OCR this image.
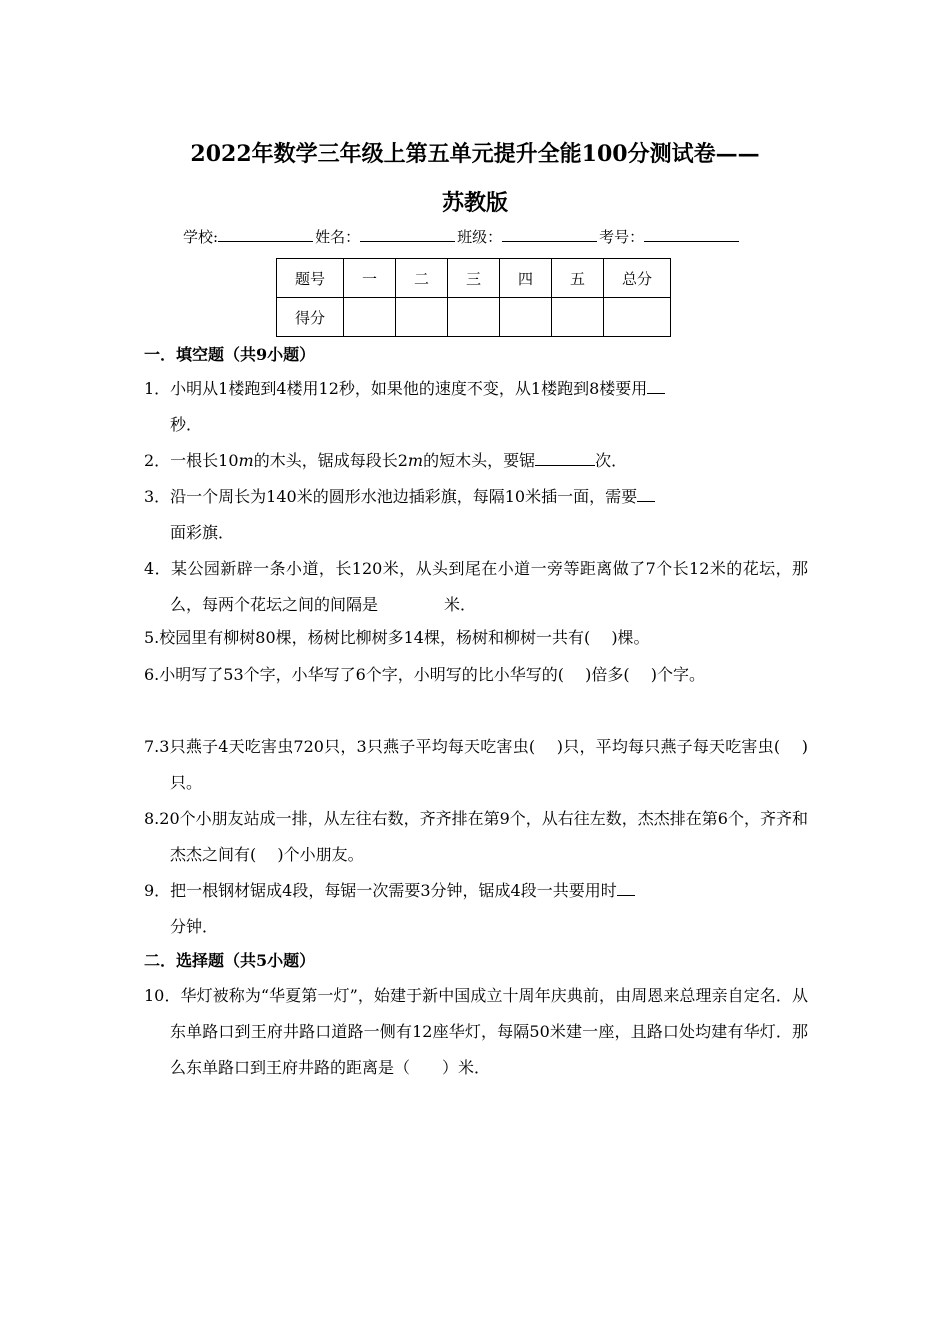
2022年数学三年级上第五单元提升全能100分测试卷——
苏教版
学校:	姓名：	班级：	考号：
题号	一	二	三	四	五	总分
得分						
一．填空题（共9小题）
1．小明从1楼跑到4楼用12秒，如果他的速度不变，从1楼跑到8楼要用
秒．
2．一根长10m的木头，锯成每段长2m的短木头，要锯	次．
3．沿一个周长为140米的圆形水池边插彩旗，每隔10米插一面，需要
面彩旗．
4．某公园新辟一条小道，长120米，从头到尾在小道一旁等距离做了7个长12米的花坛，那么，每两个花坛之间的间隔是	米．
5.校园里有柳树80棵，杨树比柳树多14棵，杨树和柳树一共有(　 )棵。
6.小明写了53个字，小华写了6个字，小明写的比小华写的(　 )倍多(　 )个字。
7.3只燕子4天吃害虫720只，3只燕子平均每天吃害虫(　 )只，平均每只燕子每天吃害虫(　 )只。
8.20个小朋友站成一排，从左往右数，齐齐排在第9个，从右往左数，杰杰排在第6个，齐齐和杰杰之间有(　 )个小朋友。
9．把一根钢材锯成4段，每锯一次需要3分钟，锯成4段一共要用时
分钟．
二．选择题（共5小题）
10．华灯被称为“华夏第一灯”，始建于新中国成立十周年庆典前，由周恩来总理亲自定名．从东单路口到王府井路口道路一侧有12座华灯，每隔50米建一座，且路口处均建有华灯．那么东单路口到王府井路的距离是（　　）米．
